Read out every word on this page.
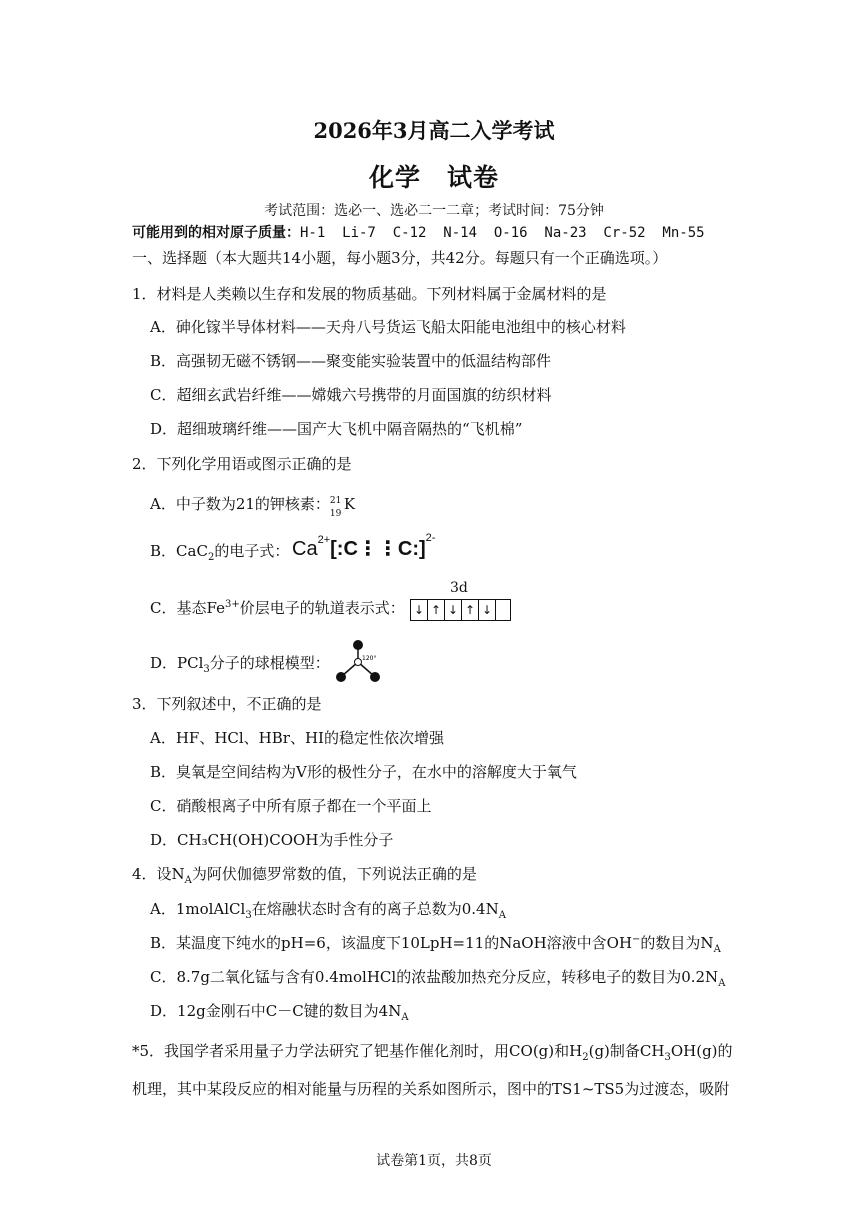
2026年3月高二入学考试
化学　试卷
考试范围：选必一、选必二一二章；考试时间：75分钟
可能用到的相对原子质量：H-1  Li-7  C-12  N-14  O-16  Na-23  Cr-52  Mn-55
一、选择题（本大题共14小题，每小题3分，共42分。每题只有一个正确选项。）
1．材料是人类赖以生存和发展的物质基础。下列材料属于金属材料的是
A．砷化镓半导体材料——天舟八号货运飞船太阳能电池组中的核心材料
B．高强韧无磁不锈钢——聚变能实验装置中的低温结构部件
C．超细玄武岩纤维——嫦娥六号携带的月面国旗的纺织材料
D．超细玻璃纤维——国产大飞机中隔音隔热的“飞机棉”
2．下列化学用语或图示正确的是
A．中子数为21的钾核素： 21
19
K
B．CaC$_2$的电子式： $Ca^{2+}[:C⋮⋮C:]^{2-}$
3d
C．基态$Fe^{3+}$价层电子的轨道表示式： ↓ ↑ ↓ ↑ ↓
D．PCl$_3$分子的球棍模型：	120°
3．下列叙述中，不正确的是
A．HF、HCl、HBr、HI的稳定性依次增强
B．臭氧是空间结构为V形的极性分子，在水中的溶解度大于氧气
C．硝酸根离子中所有原子都在一个平面上
D．CH₃CH(OH)COOH为手性分子
4．设$N_A$为阿伏伽德罗常数的值，下列说法正确的是
A．1molAlCl$_3$在熔融状态时含有的离子总数为$0.4N_A$
B．某温度下纯水的pH=6，该温度下10LpH=11的NaOH溶液中含OH−的数目为$N_A$
C．8.7g二氧化锰与含有0.4molHCl的浓盐酸加热充分反应，转移电子的数目为$0.2N_A$
D．12g金刚石中C－C键的数目为$4N_A$
*5．我国学者采用量子力学法研究了钯基作催化剂时，用CO(g)和$H_2(g)$制备$CH_3OH(g)$的
机理，其中某段反应的相对能量与历程的关系如图所示，图中的TS1~TS5为过渡态，吸附
试卷第1页，共8页
